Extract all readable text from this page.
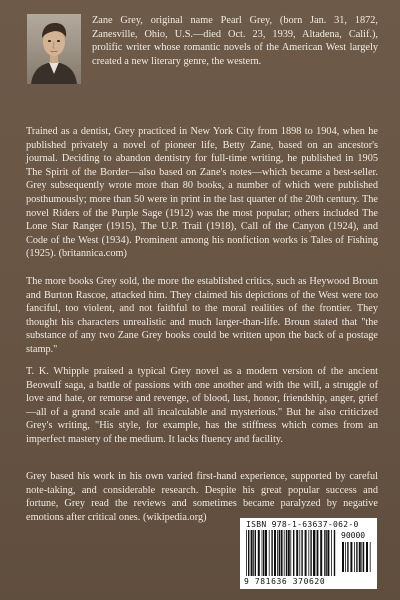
Zane Grey, original name Pearl Grey, (born Jan. 31, 1872, Zanesville, Ohio, U.S.—died Oct. 23, 1939, Altadena, Calif.), prolific writer whose romantic novels of the American West largely created a new literary genre, the western.

Trained as a dentist, Grey practiced in New York City from 1898 to 1904, when he published privately a novel of pioneer life, Betty Zane, based on an ancestor's journal. Deciding to abandon dentistry for full-time writing, he published in 1905 The Spirit of the Border—also based on Zane's notes—which became a best-seller. Grey subsequently wrote more than 80 books, a number of which were published posthumously; more than 50 were in print in the last quarter of the 20th century. The novel Riders of the Purple Sage (1912) was the most popular; others included The Lone Star Ranger (1915), The U.P. Trail (1918), Call of the Canyon (1924), and Code of the West (1934). Prominent among his nonfiction works is Tales of Fishing (1925). (britannica.com)

The more books Grey sold, the more the established critics, such as Heywood Broun and Burton Rascoe, attacked him. They claimed his depictions of the West were too fanciful, too violent, and not faithful to the moral realities of the frontier. They thought his characters unrealistic and much larger-than-life. Broun stated that "the substance of any two Zane Grey books could be written upon the back of a postage stamp."

T. K. Whipple praised a typical Grey novel as a modern version of the ancient Beowulf saga, a battle of passions with one another and with the will, a struggle of love and hate, or remorse and revenge, of blood, lust, honor, friendship, anger, grief—all of a grand scale and all incalculable and mysterious." But he also criticized Grey's writing, "His style, for example, has the stiffness which comes from an imperfect mastery of the medium. It lacks fluency and facility.

Grey based his work in his own varied first-hand experience, supported by careful note-taking, and considerable research. Despite his great popular success and fortune, Grey read the reviews and sometimes became paralyzed by negative emotions after critical ones. (wikipedia.org)

ISBN 978-1-63637-062-0
90000
9 781636 370620
